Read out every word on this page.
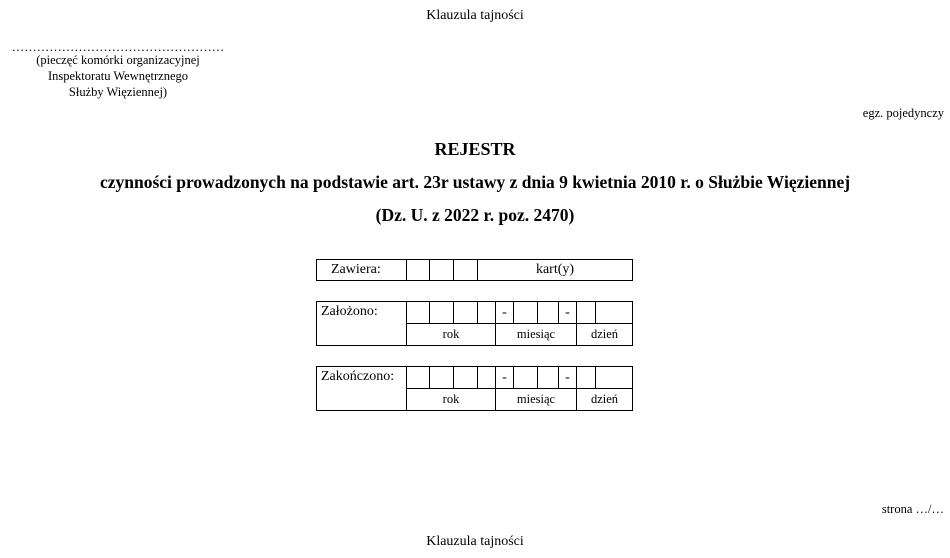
Klauzula tajności
……………………………………………
(pieczęć komórki organizacyjnej
Inspektoratu Wewnętrznego
Służby Więziennej)
egz. pojedynczy
REJESTR
czynności prowadzonych na podstawie art. 23r ustawy z dnia 9 kwietnia 2010 r. o Służbie Więziennej
(Dz. U. z 2022 r. poz. 2470)
Zawiera:				kart(y)
Założono:					-			-		
	rok				miesiąc				dzień	
Zakończono:					-			-		
	rok				miesiąc				dzień	
strona …/…
Klauzula tajności
